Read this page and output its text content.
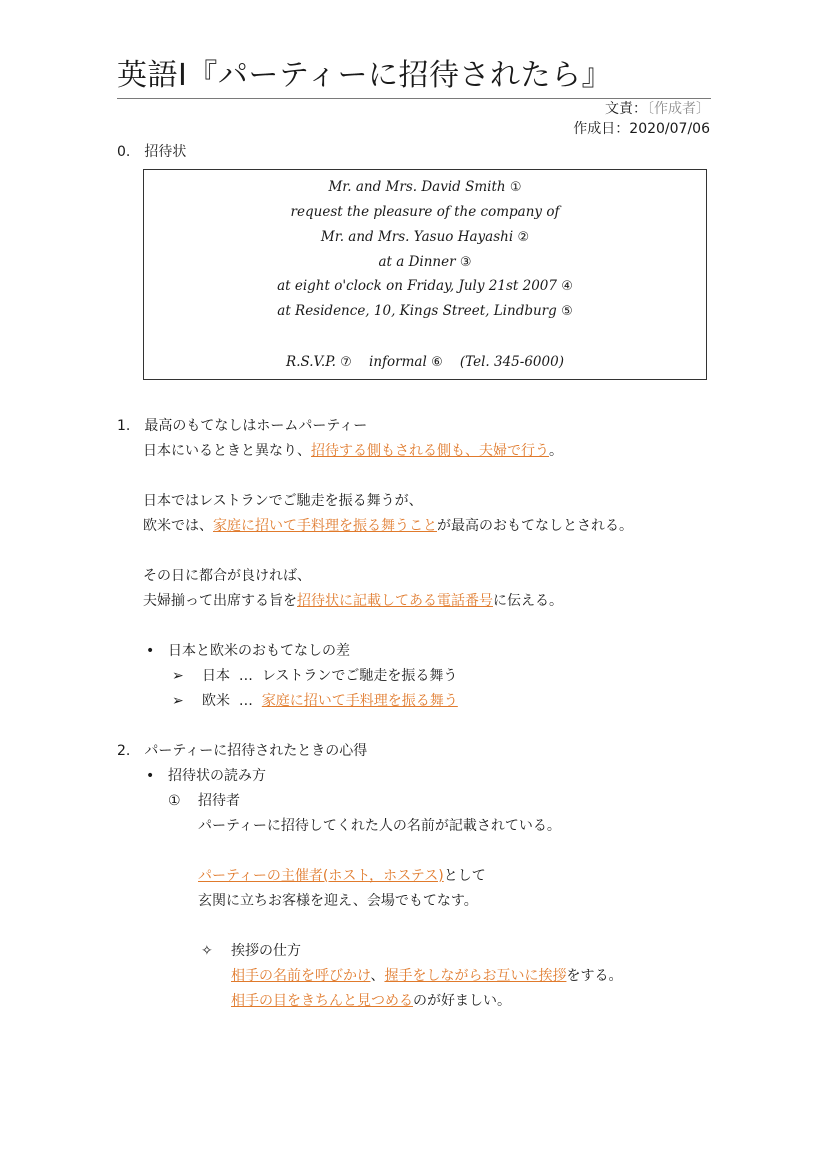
英語Ⅰ『パーティーに招待されたら』
文責：〔作成者〕
作成日：2020/07/06
0.　招待状
Mr. and Mrs. David Smith ①
request the pleasure of the company of
Mr. and Mrs. Yasuo Hayashi ②
at a Dinner ③
at eight o'clock on Friday, July 21st 2007 ④
at Residence, 10, Kings Street, Lindburg ⑤
R.S.V.P. ⑦ informal ⑥ (Tel. 345-6000)
1.　最高のもてなしはホームパーティー
日本にいるときと異なり、招待する側もされる側も、夫婦で行う。
日本ではレストランでご馳走を振る舞うが、
欧米では、家庭に招いて手料理を振る舞うことが最高のおもてなしとされる。
その日に都合が良ければ、
夫婦揃って出席する旨を招待状に記載してある電話番号に伝える。
• 日本と欧米のおもてなしの差
➢ 日本 … レストランでご馳走を振る舞う
➢ 欧米 … 家庭に招いて手料理を振る舞う
2.　パーティーに招待されたときの心得
• 招待状の読み方
① 招待者
パーティーに招待してくれた人の名前が記載されている。
パーティーの主催者(ホスト，ホステス)として
玄関に立ちお客様を迎え、会場でもてなす。
✧ 挨拶の仕方
相手の名前を呼びかけ、握手をしながらお互いに挨拶をする。
相手の目をきちんと見つめるのが好ましい。
